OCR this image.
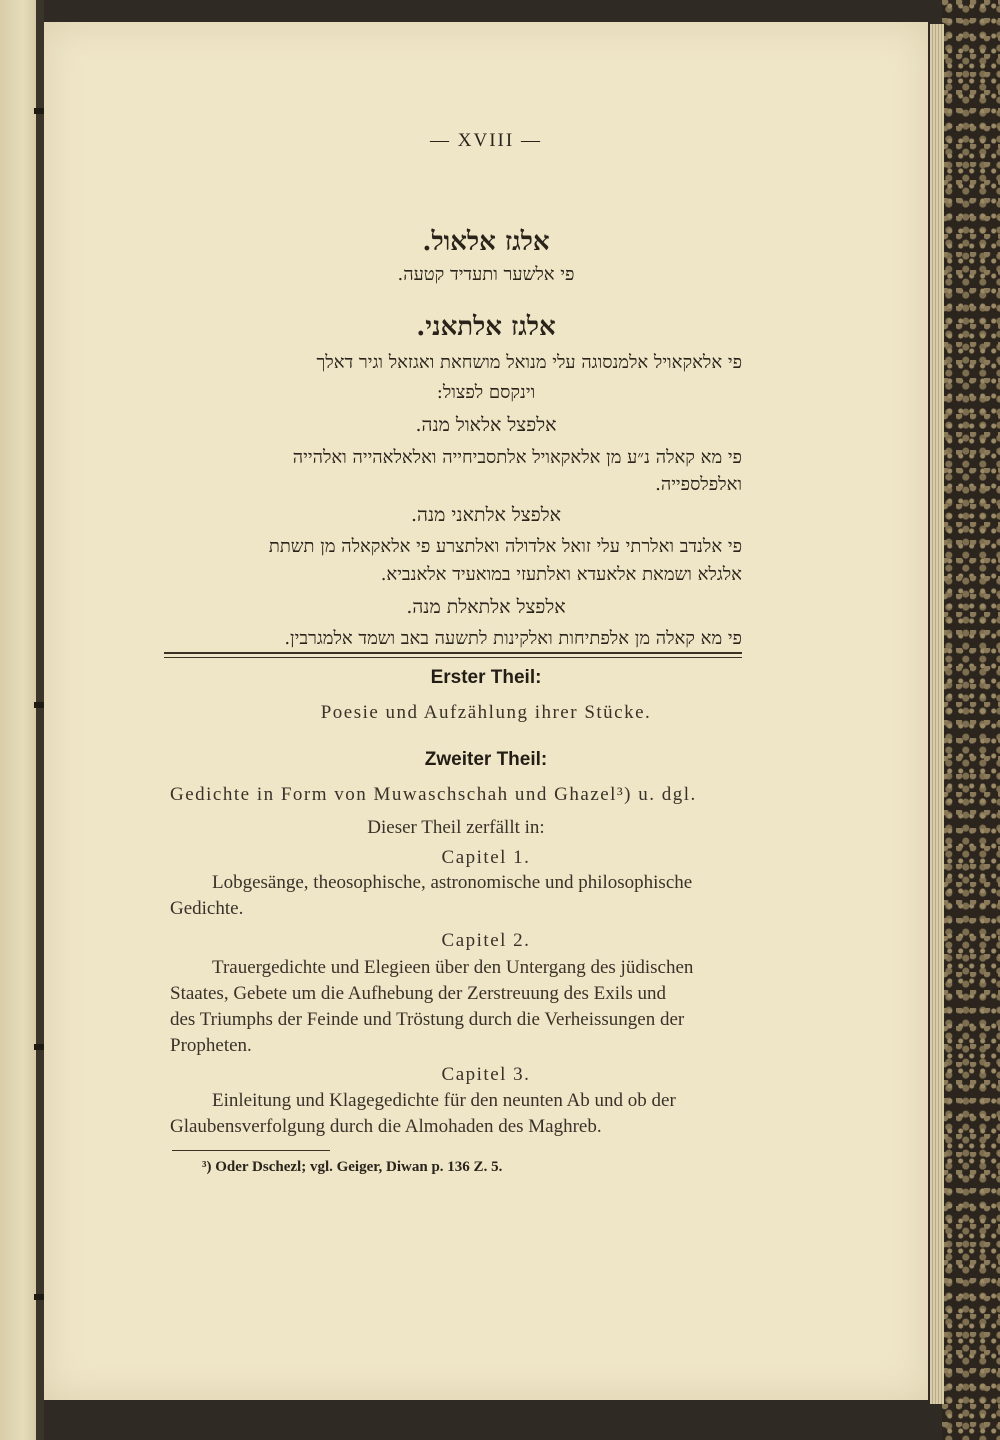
— XVIII —
אלגז אלאול.
פי אלשער ותעדיד קטעה.
אלגז אלתאני.
פי אלאקאויל אלמנסוגה עלי מנואל מושחאת ואגזאל וגיר דאלך
וינקסם לפצול:
אלפצל אלאול מנה.
פי מא קאלה נ״ע מן אלאקאויל אלתסביחייה ואלאלאהייה ואלהייה
ואלפלספייה.
אלפצל אלתאני מנה.
פי אלנדב ואלרתי עלי זואל אלדולה ואלתצרע פי אלאקאלה מן תשתת
אלגלא ושמאת אלאעדא ואלתעזי במואעיד אלאנביא.
אלפצל אלתאלת מנה.
פי מא קאלה מן אלפתיחות ואלקינות לתשעה באב ושמד אלמגרבין.
Erster Theil:
Poesie und Aufzählung ihrer Stücke.
Zweiter Theil:
Gedichte in Form von Muwaschschah und Ghazel³) u. dgl.
Dieser Theil zerfällt in:
Capitel 1.
Lobgesänge, theosophische, astronomische und philosophische
Gedichte.
Capitel 2.
Trauergedichte und Elegieen über den Untergang des jüdischen
Staates, Gebete um die Aufhebung der Zerstreuung des Exils und
des Triumphs der Feinde und Tröstung durch die Verheissungen der
Propheten.
Capitel 3.
Einleitung und Klagegedichte für den neunten Ab und ob der
Glaubensverfolgung durch die Almohaden des Maghreb.
³) Oder Dschezl; vgl. Geiger, Diwan p. 136 Z. 5.
